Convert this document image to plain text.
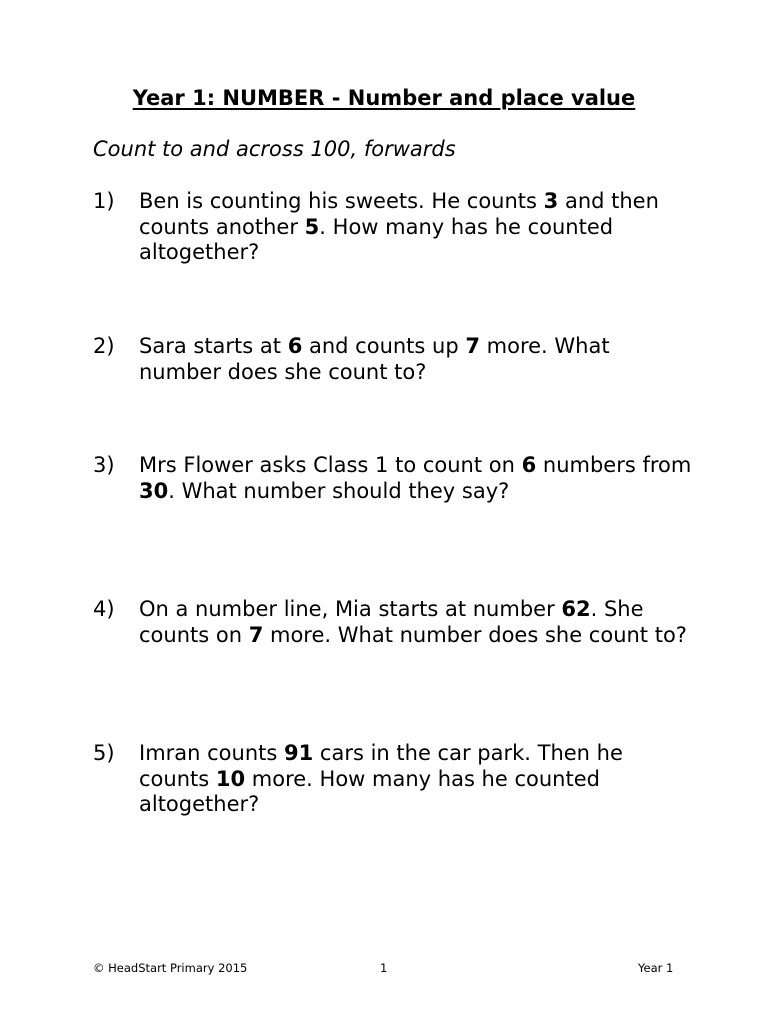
Year 1: NUMBER - Number and place value

Count to and across 100, forwards

1) Ben is counting his sweets. He counts 3 and then counts another 5. How many has he counted altogether?
2) Sara starts at 6 and counts up 7 more. What number does she count to?
3) Mrs Flower asks Class 1 to count on 6 numbers from 30. What number should they say?
4) On a number line, Mia starts at number 62. She counts on 7 more. What number does she count to?
5) Imran counts 91 cars in the car park. Then he counts 10 more. How many has he counted altogether?
© HeadStart Primary 2015	1	Year 1
